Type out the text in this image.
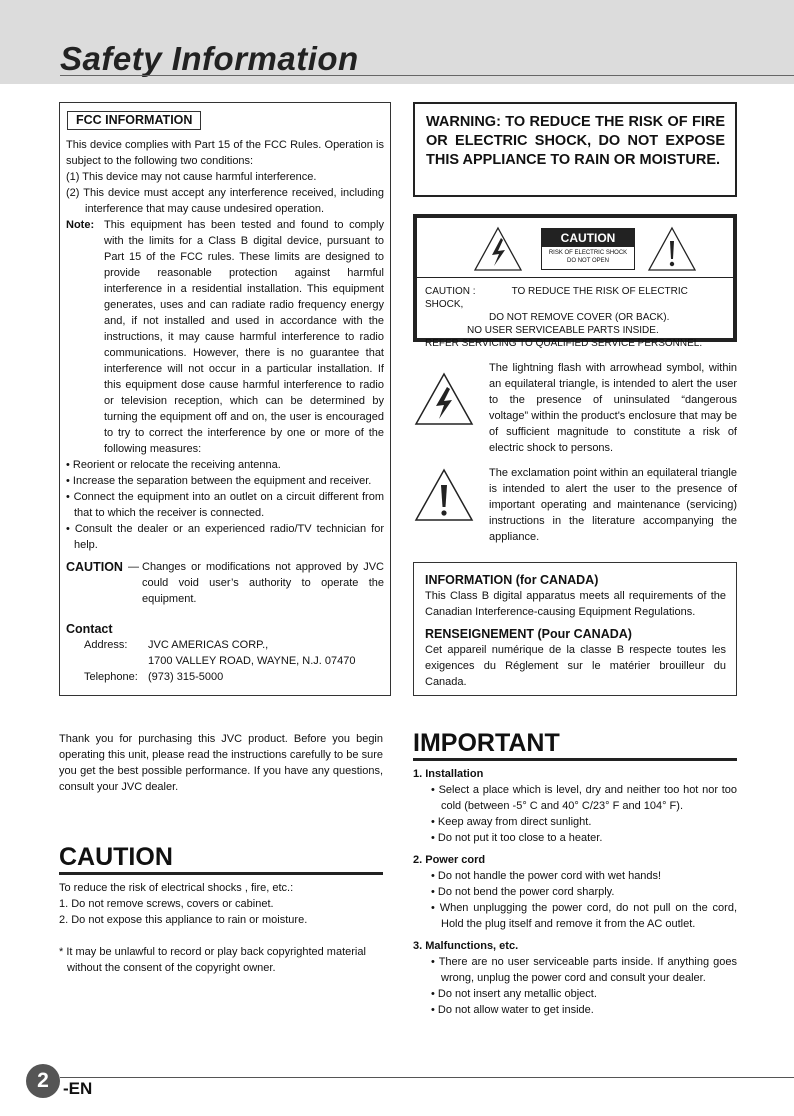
Safety Information
FCC INFORMATION

This device complies with Part 15 of the FCC Rules. Operation is subject to the following two conditions:

(1) This device may not cause harmful interference.

(2) This device must accept any interference received, including interference that may cause undesired operation.

Note: This equipment has been tested and found to comply with the limits for a Class B digital device, pursuant to Part 15 of the FCC rules. These limits are designed to provide reasonable protection against harmful interference in a residential installation. This equipment generates, uses and can radiate radio frequency energy and, if not installed and used in accordance with the instructions, it may cause harmful interference to radio communications. However, there is no guarantee that interference will not occur in a particular installation. If this equipment dose cause harmful interference to radio or television reception, which can be determined by turning the equipment off and on, the user is encouraged to try to correct the interference by one or more of the following measures:

• Reorient or relocate the receiving antenna.

• Increase the separation between the equipment and receiver.

• Connect the equipment into an outlet on a circuit different from that to which the receiver is connected.

• Consult the dealer or an experienced radio/TV technician for help.

CAUTION — Changes or modifications not approved by JVC could void user’s authority to operate the equipment.
Contact
Address:	JVC AMERICAS CORP.,
1700 VALLEY ROAD, WAYNE, N.J. 07470
Telephone: (973) 315-5000
WARNING: TO REDUCE THE RISK OF FIRE OR ELECTRIC SHOCK, DO NOT EXPOSE THIS APPLIANCE TO RAIN OR MOISTURE.
CAUTION
RISK OF ELECTRIC SHOCK
DO NOT OPEN
CAUTION :	TO REDUCE THE RISK OF ELECTRIC SHOCK,
DO NOT REMOVE COVER (OR BACK).
NO USER SERVICEABLE PARTS INSIDE.
REFER SERVICING TO QUALIFIED SERVICE PERSONNEL.
The lightning flash with arrowhead symbol, within an equilateral triangle, is intended to alert the user to the presence of uninsulated “dangerous voltage” within the product's enclosure that may be of sufficient magnitude to constitute a risk of electric shock to persons.
The exclamation point within an equilateral triangle is intended to alert the user to the presence of important operating and maintenance (servicing) instructions in the literature accompanying the appliance.
INFORMATION (for CANADA)
This Class B digital apparatus meets all requirements of the Canadian Interference-causing Equipment Regulations.
RENSEIGNEMENT (Pour CANADA)
Cet appareil numérique de la classe B respecte toutes les exigences du Réglement sur le matérier brouilleur du Canada.
Thank you for purchasing this JVC product. Before you begin operating this unit, please read the instructions carefully to be sure you get the best possible performance. If you have any questions, consult your JVC dealer.
CAUTION
To reduce the risk of electrical shocks , fire, etc.:
1. Do not remove screws, covers or cabinet.
2. Do not expose this appliance to rain or moisture.
* It may be unlawful to record or play back copyrighted material without the consent of the copyright owner.
IMPORTANT
1. Installation
• Select a place which is level, dry and neither too hot nor too cold (between -5° C and 40° C/23° F and 104° F).
• Keep away from direct sunlight.
• Do not put it too close to a heater.
2. Power cord
• Do not handle the power cord with wet hands!
• Do not bend the power cord sharply.
• When unplugging the power cord, do not pull on the cord, Hold the plug itself and remove it from the AC outlet.
3. Malfunctions, etc.
• There are no user serviceable parts inside. If anything goes wrong, unplug the power cord and consult your dealer.
• Do not insert any metallic object.
• Do not allow water to get inside.
2 -EN
